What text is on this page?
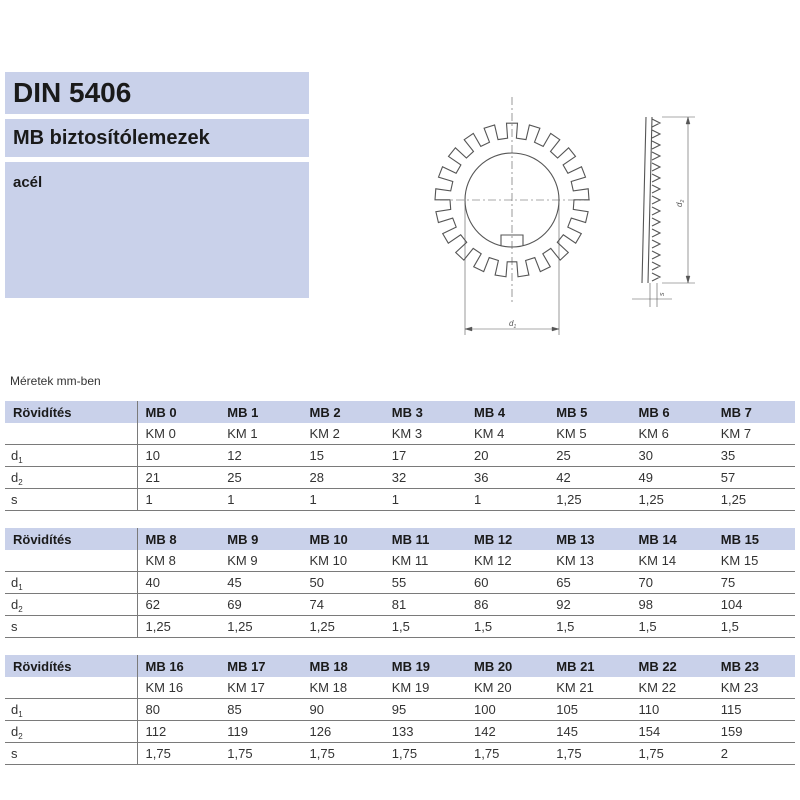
DIN 5406
MB biztosítólemezek
acél
$d_1$
$d_2$
s
Méretek mm-ben
Rövidítés	MB 0	MB 1	MB 2	MB 3	MB 4	MB 5	MB 6	MB 7
	KM 0	KM 1	KM 2	KM 3	KM 4	KM 5	KM 6	KM 7
$d_1$	10	12	15	17	20	25	30	35
$d_2$	21	25	28	32	36	42	49	57
s	1	1	1	1	1	1,25	1,25	1,25
Rövidítés	MB 8	MB 9	MB 10	MB 11	MB 12	MB 13	MB 14	MB 15
	KM 8	KM 9	KM 10	KM 11	KM 12	KM 13	KM 14	KM 15
$d_1$	40	45	50	55	60	65	70	75
$d_2$	62	69	74	81	86	92	98	104
s	1,25	1,25	1,25	1,5	1,5	1,5	1,5	1,5
Rövidítés	MB 16	MB 17	MB 18	MB 19	MB 20	MB 21	MB 22	MB 23
	KM 16	KM 17	KM 18	KM 19	KM 20	KM 21	KM 22	KM 23
$d_1$	80	85	90	95	100	105	110	115
$d_2$	112	119	126	133	142	145	154	159
s	1,75	1,75	1,75	1,75	1,75	1,75	1,75	2
